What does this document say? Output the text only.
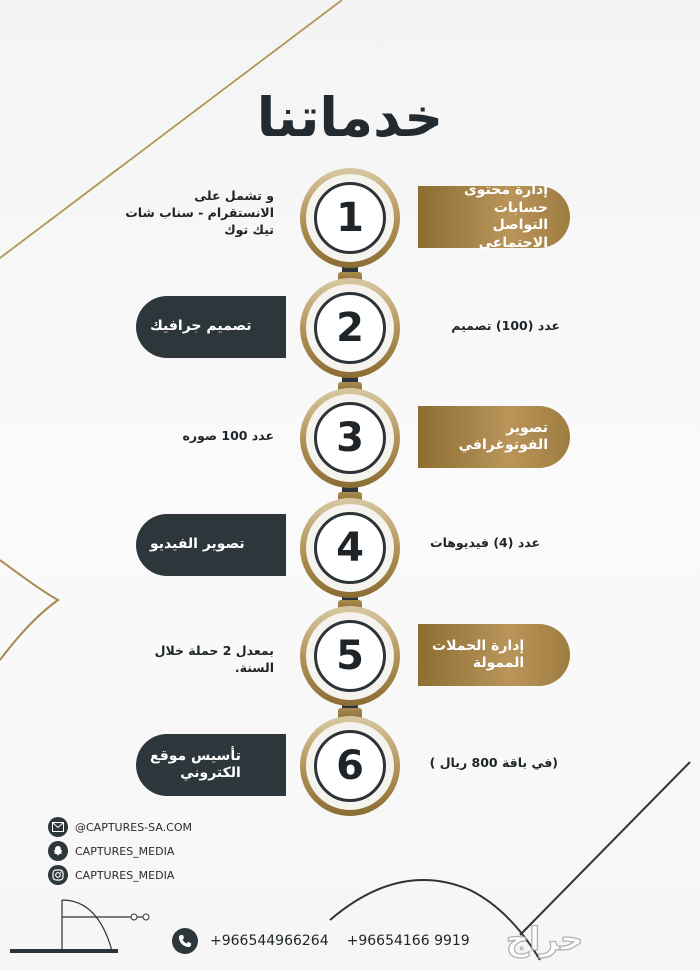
خدماتنا
1
إدارة محتوى حسابات
التواصل الاجتماعي
و تشمل على
الانستقرام - سناب شات
تيك توك
2
تصميم جرافيك	عدد (100) تصميم
3	تصوير الفوتوغرافي
عدد 100 صوره
4
تصوير الفيديو	عدد (4) فيديوهات
5	إدارة الحملات
الممولة
بمعدل 2 حملة خلال
السنة.
6
تأسيس موقع
الكتروني
(في باقة 800 ريال )
@CAPTURES-SA.COM
CAPTURES_MEDIA
CAPTURES_MEDIA
+966544966264 +96654166 9919 حراج
